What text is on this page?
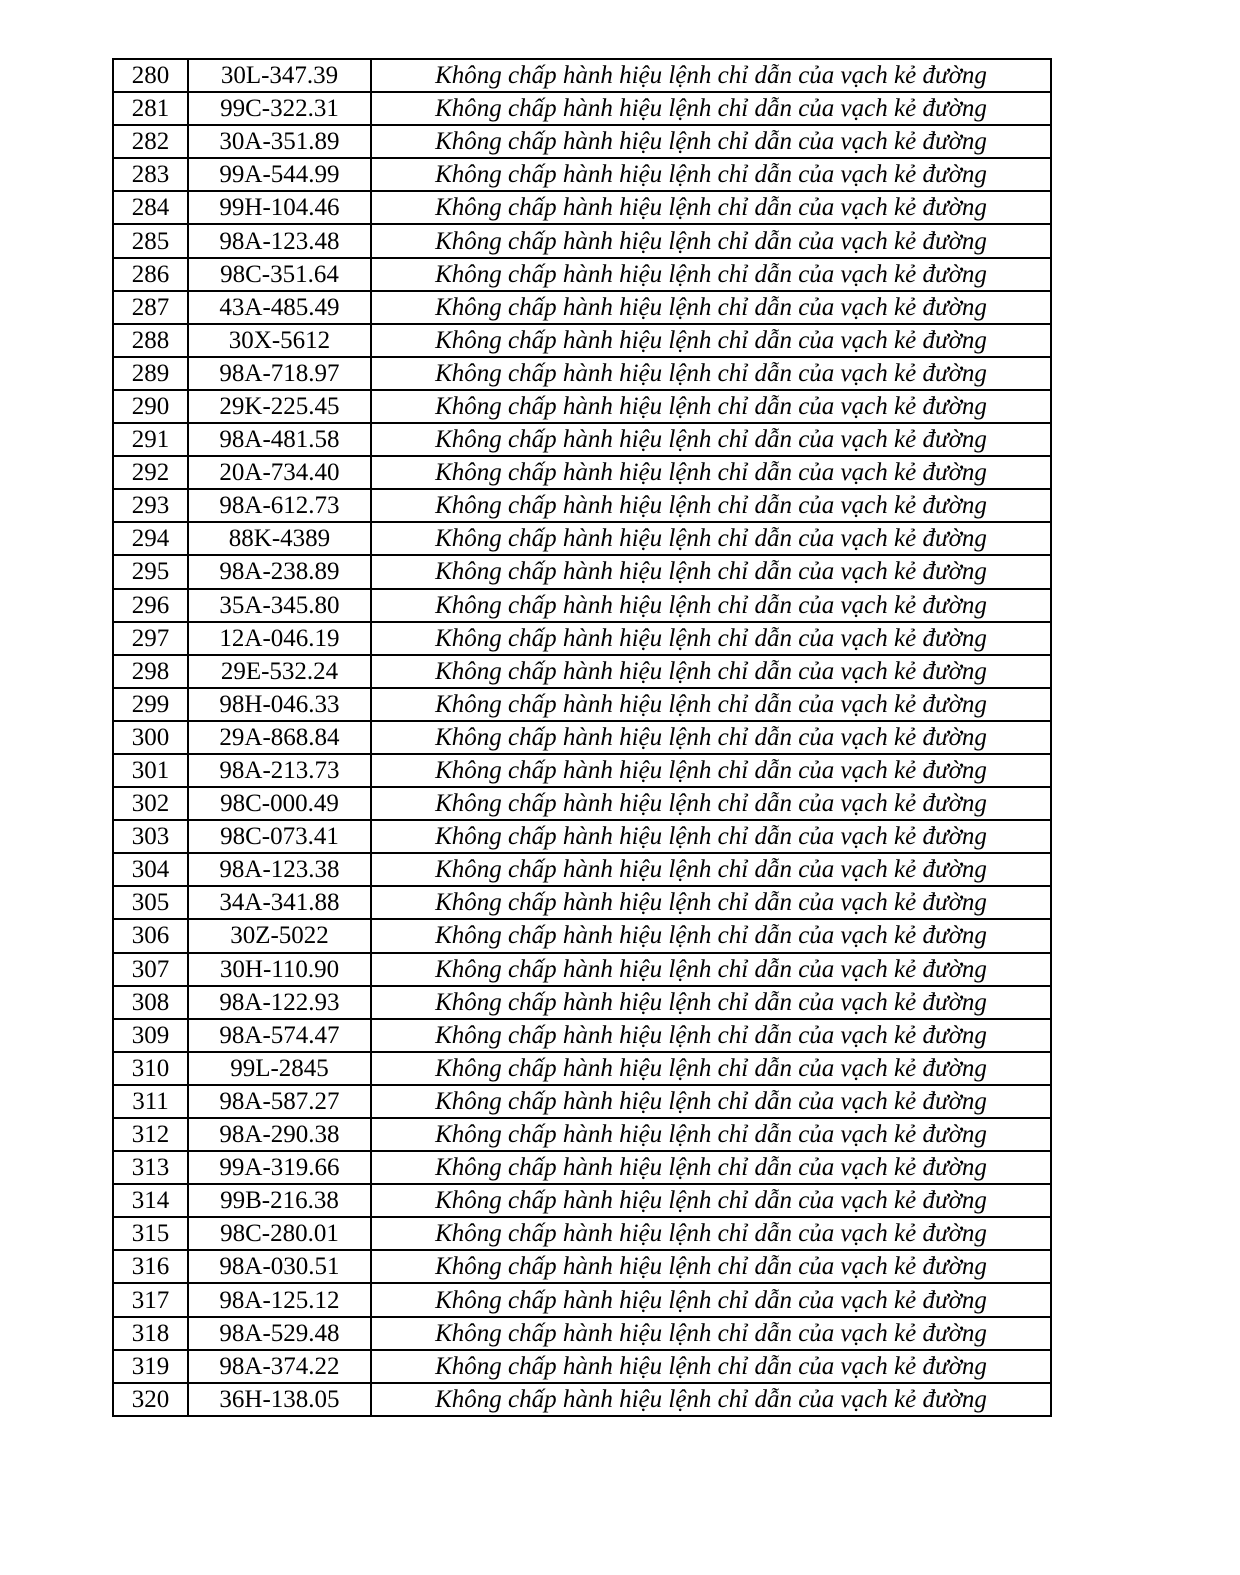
280	30L-347.39	Không chấp hành hiệu lệnh chỉ dẫn của vạch kẻ đường
281	99C-322.31	Không chấp hành hiệu lệnh chỉ dẫn của vạch kẻ đường
282	30A-351.89	Không chấp hành hiệu lệnh chỉ dẫn của vạch kẻ đường
283	99A-544.99	Không chấp hành hiệu lệnh chỉ dẫn của vạch kẻ đường
284	99H-104.46	Không chấp hành hiệu lệnh chỉ dẫn của vạch kẻ đường
285	98A-123.48	Không chấp hành hiệu lệnh chỉ dẫn của vạch kẻ đường
286	98C-351.64	Không chấp hành hiệu lệnh chỉ dẫn của vạch kẻ đường
287	43A-485.49	Không chấp hành hiệu lệnh chỉ dẫn của vạch kẻ đường
288	30X-5612	Không chấp hành hiệu lệnh chỉ dẫn của vạch kẻ đường
289	98A-718.97	Không chấp hành hiệu lệnh chỉ dẫn của vạch kẻ đường
290	29K-225.45	Không chấp hành hiệu lệnh chỉ dẫn của vạch kẻ đường
291	98A-481.58	Không chấp hành hiệu lệnh chỉ dẫn của vạch kẻ đường
292	20A-734.40	Không chấp hành hiệu lệnh chỉ dẫn của vạch kẻ đường
293	98A-612.73	Không chấp hành hiệu lệnh chỉ dẫn của vạch kẻ đường
294	88K-4389	Không chấp hành hiệu lệnh chỉ dẫn của vạch kẻ đường
295	98A-238.89	Không chấp hành hiệu lệnh chỉ dẫn của vạch kẻ đường
296	35A-345.80	Không chấp hành hiệu lệnh chỉ dẫn của vạch kẻ đường
297	12A-046.19	Không chấp hành hiệu lệnh chỉ dẫn của vạch kẻ đường
298	29E-532.24	Không chấp hành hiệu lệnh chỉ dẫn của vạch kẻ đường
299	98H-046.33	Không chấp hành hiệu lệnh chỉ dẫn của vạch kẻ đường
300	29A-868.84	Không chấp hành hiệu lệnh chỉ dẫn của vạch kẻ đường
301	98A-213.73	Không chấp hành hiệu lệnh chỉ dẫn của vạch kẻ đường
302	98C-000.49	Không chấp hành hiệu lệnh chỉ dẫn của vạch kẻ đường
303	98C-073.41	Không chấp hành hiệu lệnh chỉ dẫn của vạch kẻ đường
304	98A-123.38	Không chấp hành hiệu lệnh chỉ dẫn của vạch kẻ đường
305	34A-341.88	Không chấp hành hiệu lệnh chỉ dẫn của vạch kẻ đường
306	30Z-5022	Không chấp hành hiệu lệnh chỉ dẫn của vạch kẻ đường
307	30H-110.90	Không chấp hành hiệu lệnh chỉ dẫn của vạch kẻ đường
308	98A-122.93	Không chấp hành hiệu lệnh chỉ dẫn của vạch kẻ đường
309	98A-574.47	Không chấp hành hiệu lệnh chỉ dẫn của vạch kẻ đường
310	99L-2845	Không chấp hành hiệu lệnh chỉ dẫn của vạch kẻ đường
311	98A-587.27	Không chấp hành hiệu lệnh chỉ dẫn của vạch kẻ đường
312	98A-290.38	Không chấp hành hiệu lệnh chỉ dẫn của vạch kẻ đường
313	99A-319.66	Không chấp hành hiệu lệnh chỉ dẫn của vạch kẻ đường
314	99B-216.38	Không chấp hành hiệu lệnh chỉ dẫn của vạch kẻ đường
315	98C-280.01	Không chấp hành hiệu lệnh chỉ dẫn của vạch kẻ đường
316	98A-030.51	Không chấp hành hiệu lệnh chỉ dẫn của vạch kẻ đường
317	98A-125.12	Không chấp hành hiệu lệnh chỉ dẫn của vạch kẻ đường
318	98A-529.48	Không chấp hành hiệu lệnh chỉ dẫn của vạch kẻ đường
319	98A-374.22	Không chấp hành hiệu lệnh chỉ dẫn của vạch kẻ đường
320	36H-138.05	Không chấp hành hiệu lệnh chỉ dẫn của vạch kẻ đường
